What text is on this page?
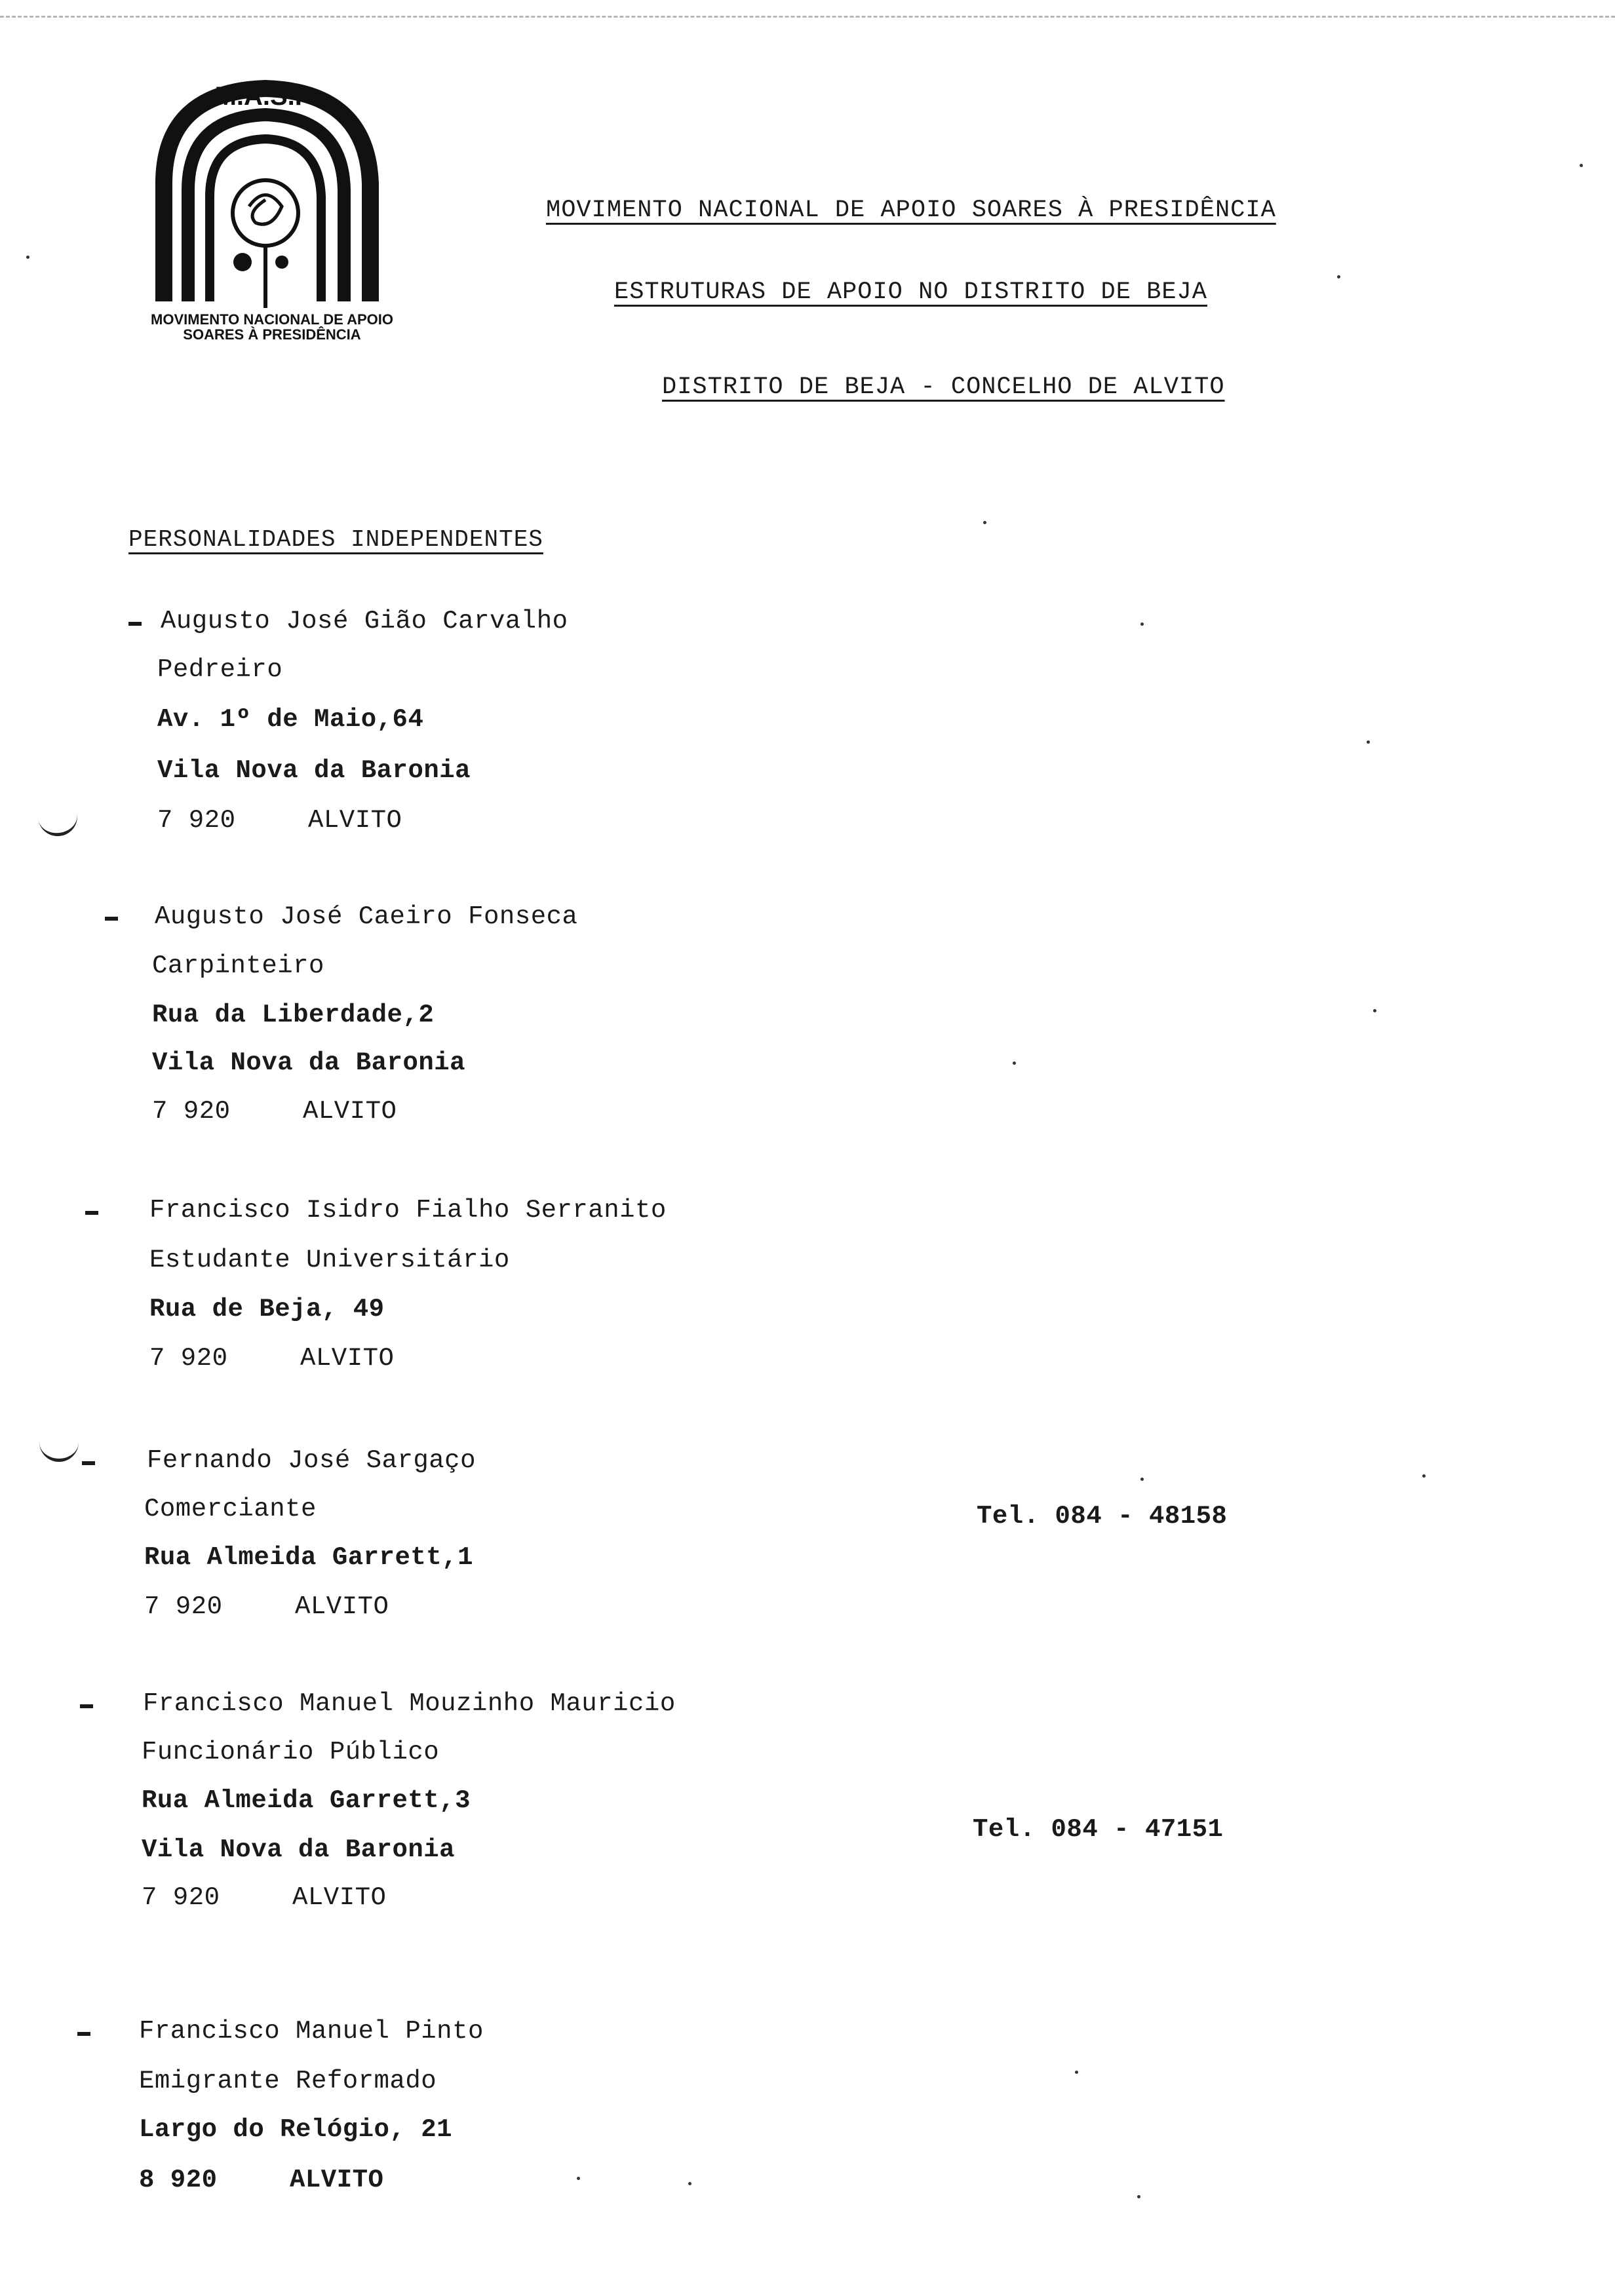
M.A.S.P.
MOVIMENTO NACIONAL DE APOIO
SOARES À PRESIDÊNCIA
MOVIMENTO NACIONAL DE APOIO SOARES À PRESIDÊNCIA
ESTRUTURAS DE APOIO NO DISTRITO DE BEJA
DISTRITO DE BEJA - CONCELHO DE ALVITO
PERSONALIDADES INDEPENDENTES
Augusto José Gião Carvalho
Pedreiro
Av. 1º de Maio,64
Vila Nova da Baronia
7 920	ALVITO
Augusto José Caeiro Fonseca
Carpinteiro
Rua da Liberdade,2
Vila Nova da Baronia
7 920	ALVITO
Francisco Isidro Fialho Serranito
Estudante Universitário
Rua de Beja, 49
7 920	ALVITO
Fernando José Sargaço
Comerciante
Rua Almeida Garrett,1
7 920	ALVITO
Tel. 084 - 48158
Francisco Manuel Mouzinho Mauricio
Funcionário Público
Rua Almeida Garrett,3
Vila Nova da Baronia
7 920	ALVITO
Tel. 084 - 47151
Francisco Manuel Pinto
Emigrante Reformado
Largo do Relógio, 21
8 920	ALVITO
